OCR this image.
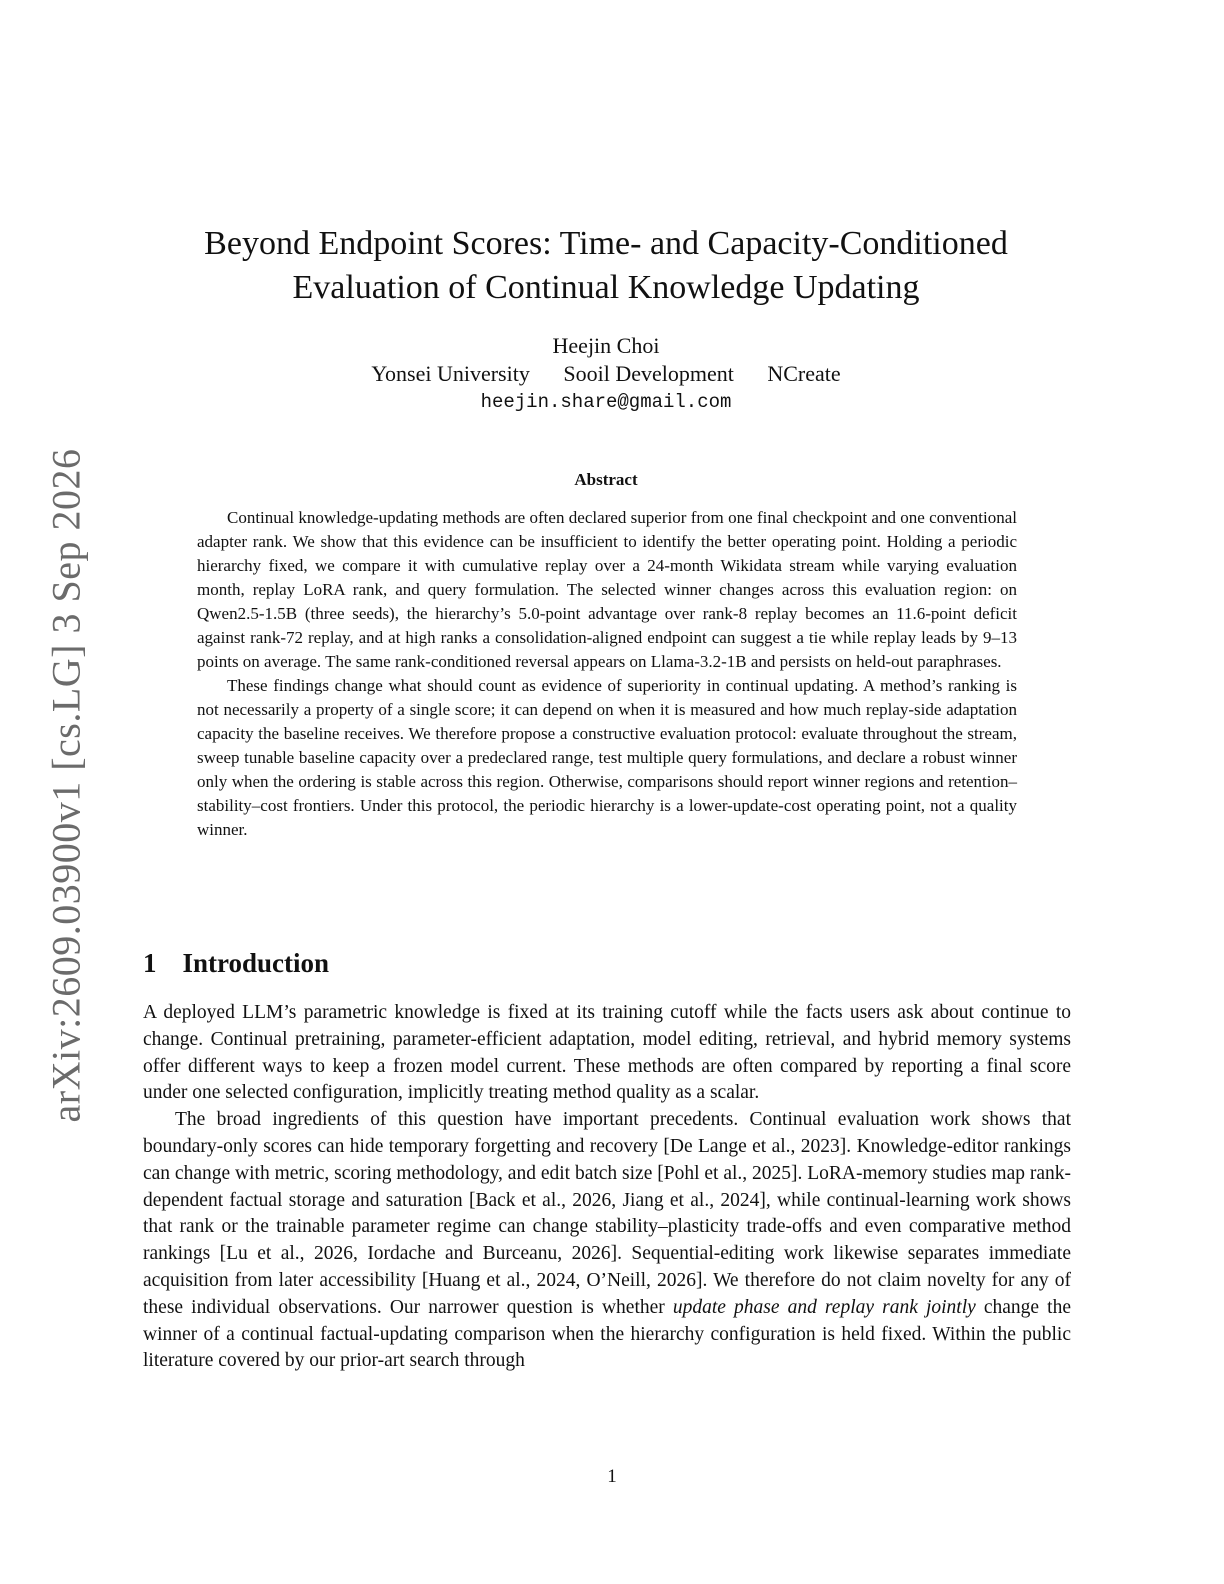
arXiv:2609.03900v1 [cs.LG] 3 Sep 2026
Beyond Endpoint Scores: Time- and Capacity-Conditioned
Evaluation of Continual Knowledge Updating
Heejin Choi
Yonsei University Sooil Development NCreate
heejin.share@gmail.com
Abstract

Continual knowledge-updating methods are often declared superior from one final checkpoint and one conventional adapter rank. We show that this evidence can be insufficient to identify the better operating point. Holding a periodic hierarchy fixed, we compare it with cumulative replay over a 24-month Wikidata stream while varying evaluation month, replay LoRA rank, and query formulation. The selected winner changes across this evaluation region: on Qwen2.5-1.5B (three seeds), the hierarchy’s 5.0-point advantage over rank-8 replay becomes an 11.6-point deficit against rank-72 replay, and at high ranks a consolidation-aligned endpoint can suggest a tie while replay leads by 9–13 points on average. The same rank-conditioned reversal appears on Llama-3.2-1B and persists on held-out paraphrases.

These findings change what should count as evidence of superiority in continual updating. A method’s ranking is not necessarily a property of a single score; it can depend on when it is measured and how much replay-side adaptation capacity the baseline receives. We therefore propose a constructive evaluation protocol: evaluate throughout the stream, sweep tunable baseline capacity over a predeclared range, test multiple query formulations, and declare a robust winner only when the ordering is stable across this region. Otherwise, comparisons should report winner regions and retention–stability–cost frontiers. Under this protocol, the periodic hierarchy is a lower-update-cost operating point, not a quality winner.

1 Introduction

A deployed LLM’s parametric knowledge is fixed at its training cutoff while the facts users ask about continue to change. Continual pretraining, parameter-efficient adaptation, model editing, retrieval, and hybrid memory systems offer different ways to keep a frozen model current. These methods are often compared by reporting a final score under one selected configuration, implicitly treating method quality as a scalar.

The broad ingredients of this question have important precedents. Continual evaluation work shows that boundary-only scores can hide temporary forgetting and recovery [De Lange et al., 2023]. Knowledge-editor rankings can change with metric, scoring methodology, and edit batch size [Pohl et al., 2025]. LoRA-memory studies map rank-dependent factual storage and saturation [Back et al., 2026, Jiang et al., 2024], while continual-learning work shows that rank or the trainable parameter regime can change stability–plasticity trade-offs and even comparative method rankings [Lu et al., 2026, Iordache and Burceanu, 2026]. Sequential-editing work likewise separates immediate acquisition from later accessibility [Huang et al., 2024, O’Neill, 2026]. We therefore do not claim novelty for any of these individual observations. Our narrower question is whether update phase and replay rank jointly change the winner of a continual factual-updating comparison when the hierarchy configuration is held fixed. Within the public literature covered by our prior-art search through

1
